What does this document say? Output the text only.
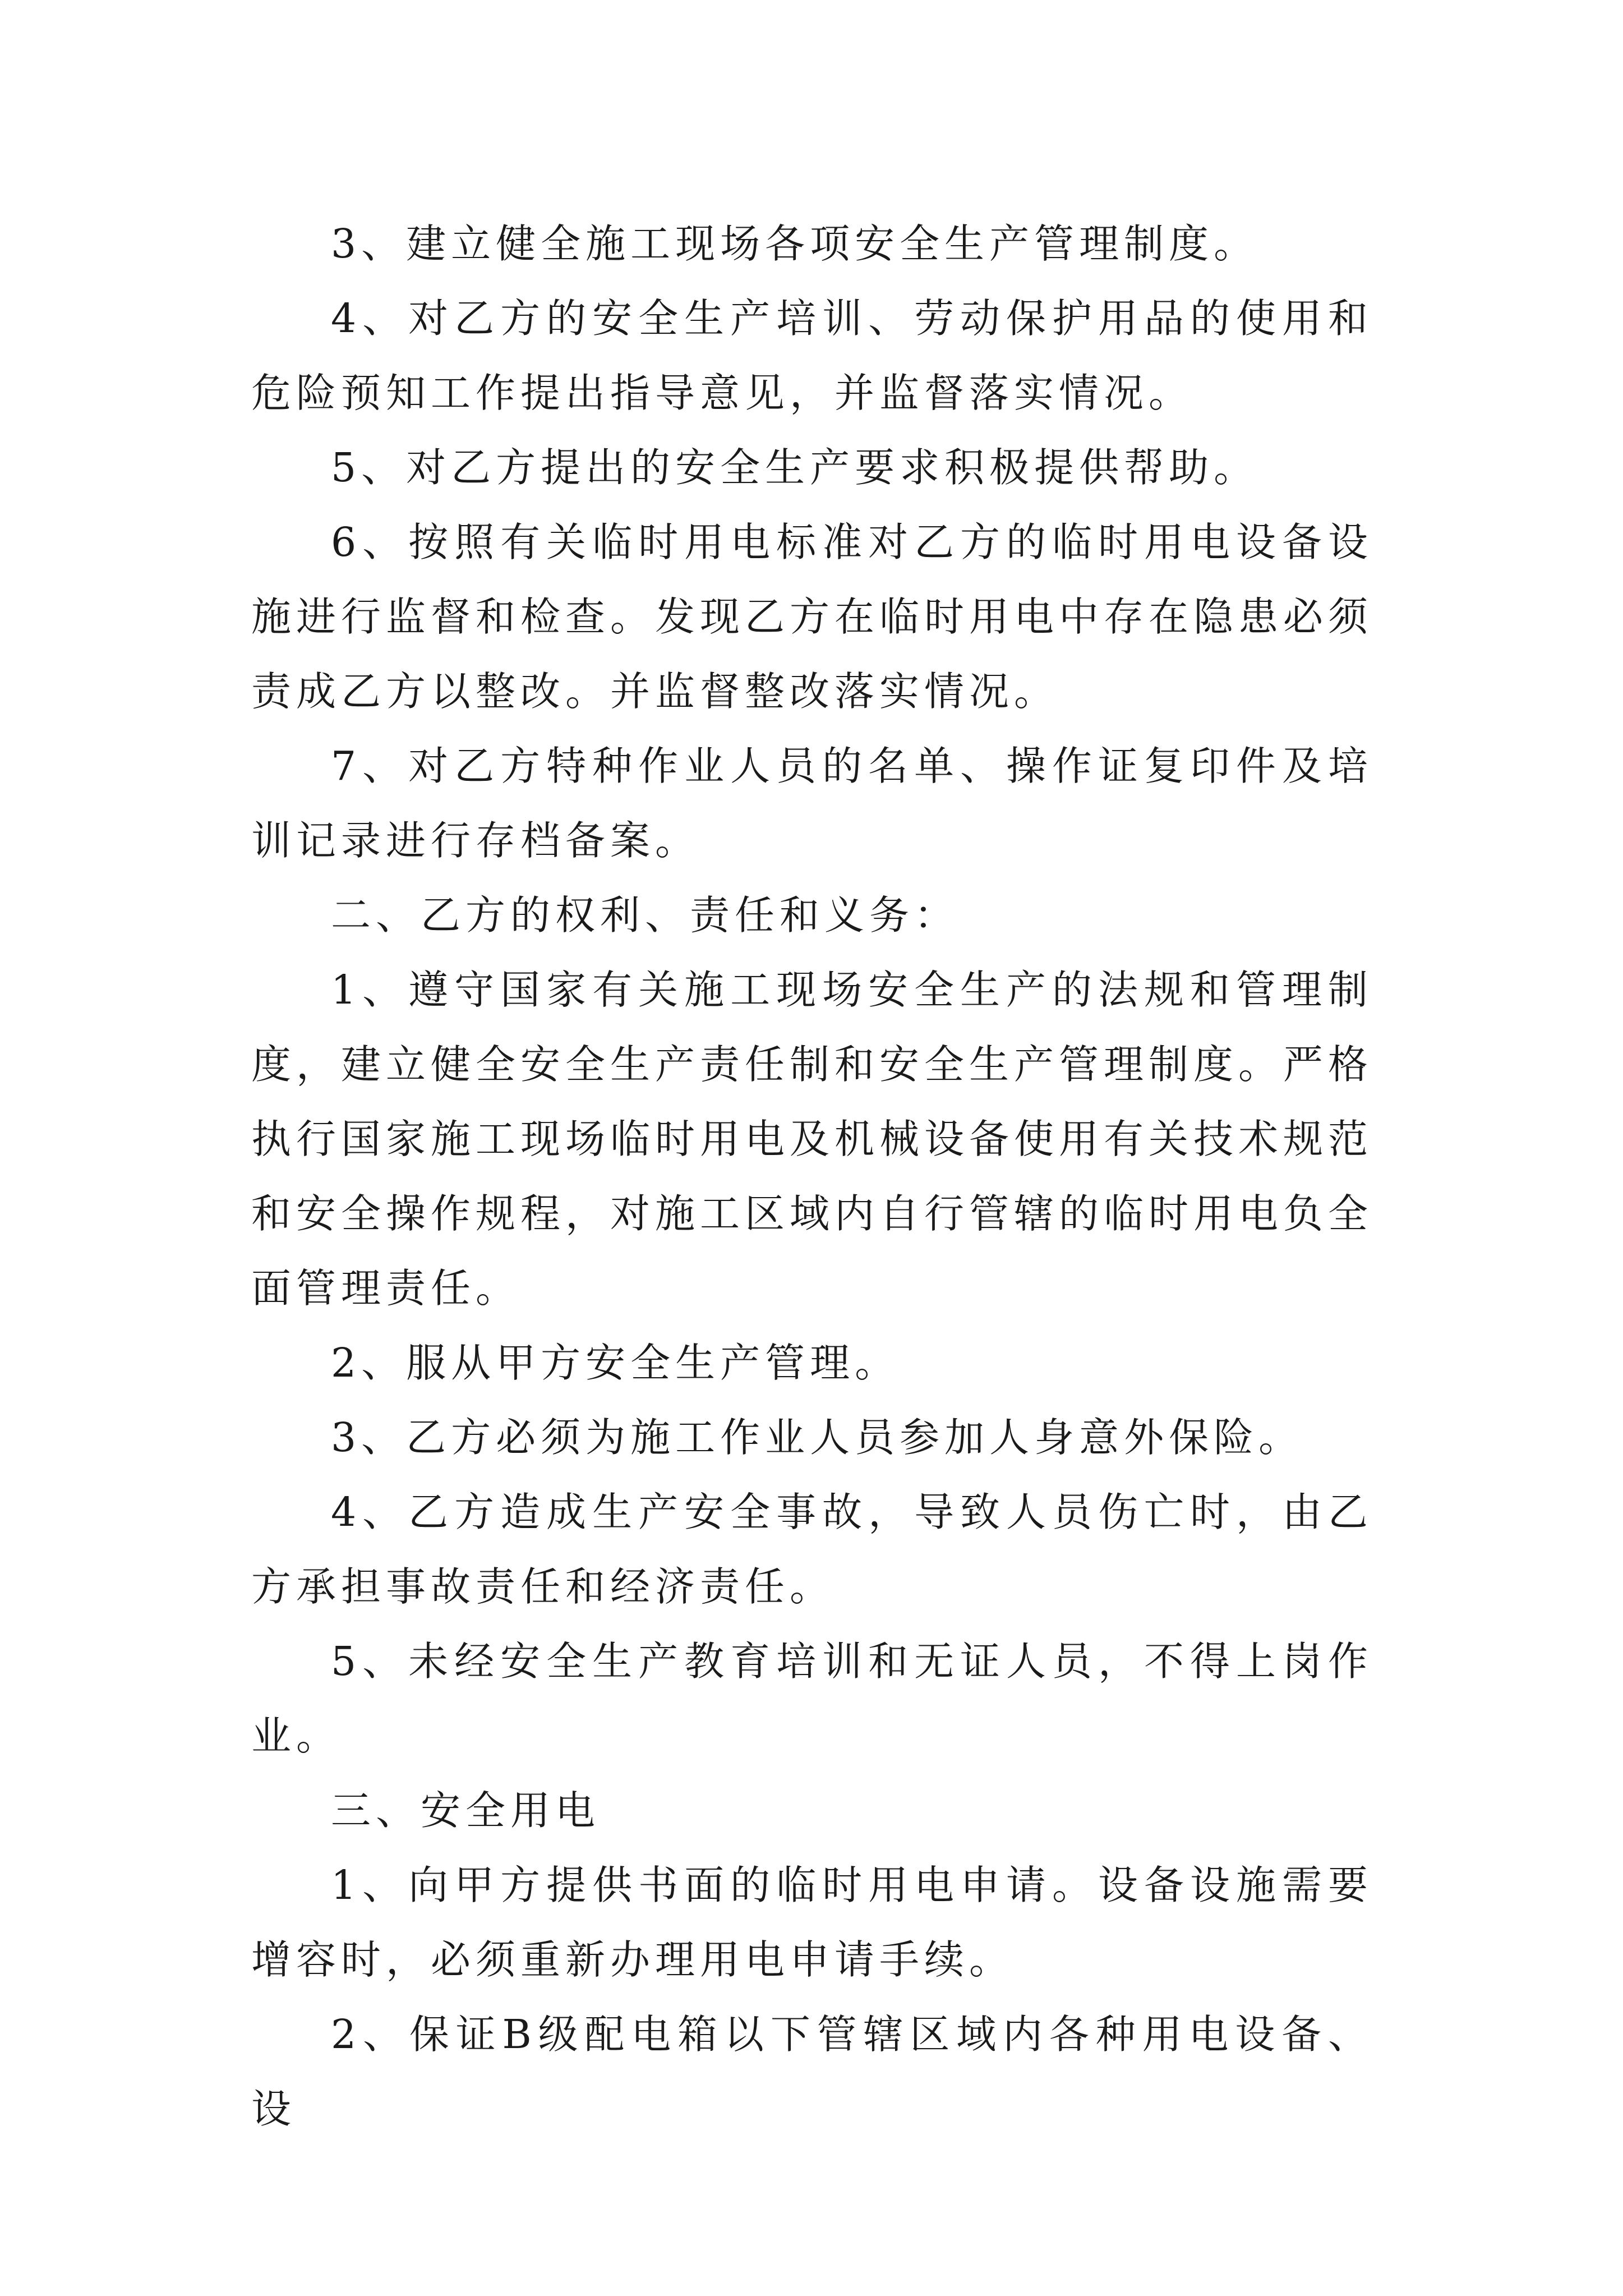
3、建立健全施工现场各项安全生产管理制度。

4、对乙方的安全生产培训、劳动保护用品的使用和危险预知工作提出指导意见，并监督落实情况。

5、对乙方提出的安全生产要求积极提供帮助。

6、按照有关临时用电标准对乙方的临时用电设备设施进行监督和检查。发现乙方在临时用电中存在隐患必须责成乙方以整改。并监督整改落实情况。

7、对乙方特种作业人员的名单、操作证复印件及培训记录进行存档备案。

二、乙方的权利、责任和义务：

1、遵守国家有关施工现场安全生产的法规和管理制度，建立健全安全生产责任制和安全生产管理制度。严格执行国家施工现场临时用电及机械设备使用有关技术规范和安全操作规程，对施工区域内自行管辖的临时用电负全面管理责任。

2、服从甲方安全生产管理。

3、乙方必须为施工作业人员参加人身意外保险。

4、乙方造成生产安全事故，导致人员伤亡时，由乙方承担事故责任和经济责任。

5、未经安全生产教育培训和无证人员，不得上岗作业。

三、安全用电

1、向甲方提供书面的临时用电申请。设备设施需要增容时，必须重新办理用电申请手续。

2、保证B级配电箱以下管辖区域内各种用电设备、设
